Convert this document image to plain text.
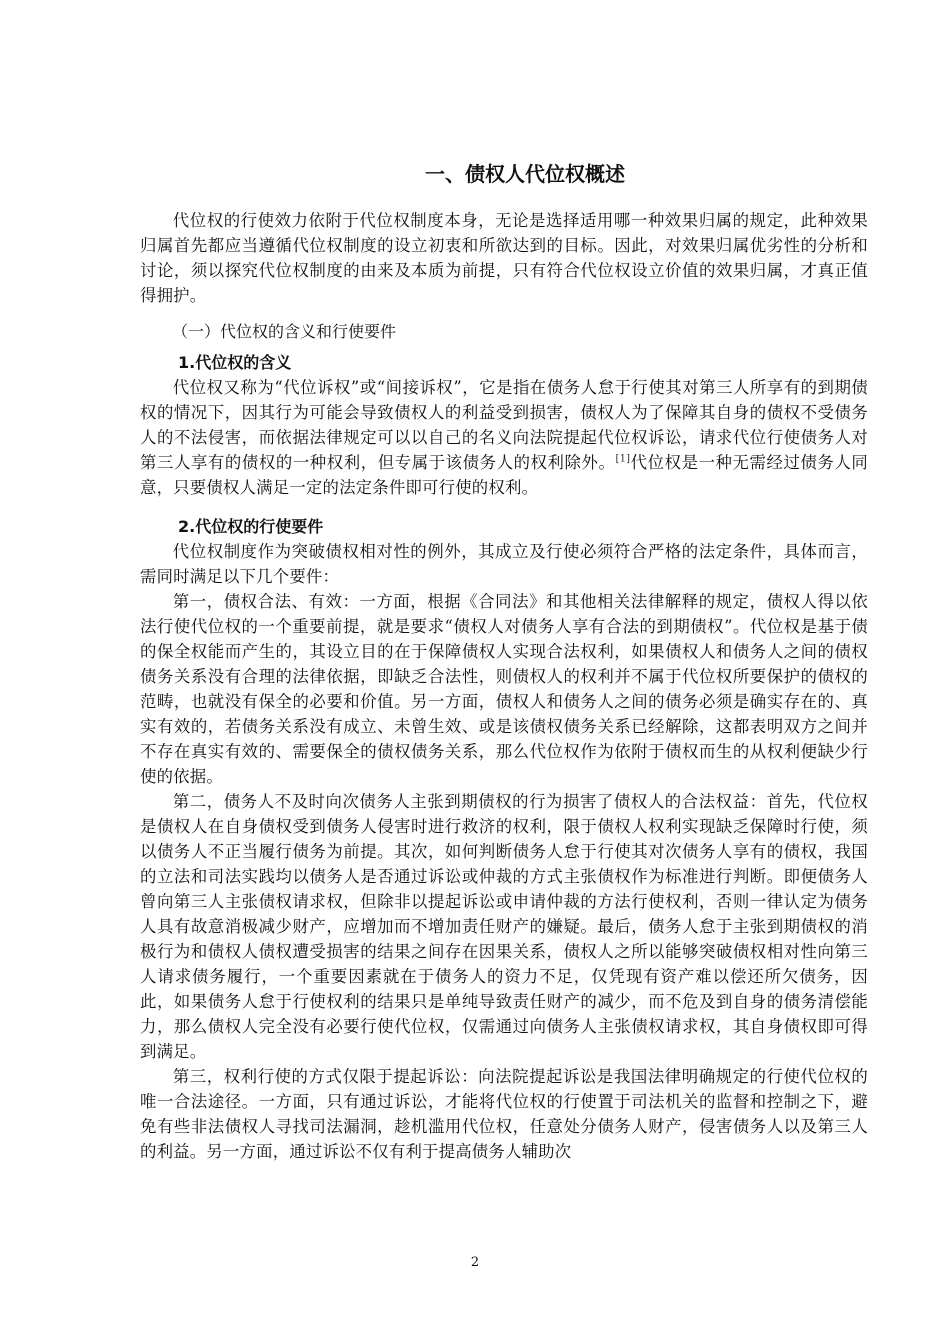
一、债权人代位权概述

代位权的行使效力依附于代位权制度本身，无论是选择适用哪一种效果归属的规定，此种效果归属首先都应当遵循代位权制度的设立初衷和所欲达到的目标。因此，对效果归属优劣性的分析和讨论，须以探究代位权制度的由来及本质为前提，只有符合代位权设立价值的效果归属，才真正值得拥护。

（一）代位权的含义和行使要件
1.代位权的含义

代位权又称为“代位诉权”或“间接诉权”，它是指在债务人怠于行使其对第三人所享有的到期债权的情况下，因其行为可能会导致债权人的利益受到损害，债权人为了保障其自身的债权不受债务人的不法侵害，而依据法律规定可以以自己的名义向法院提起代位权诉讼，请求代位行使债务人对第三人享有的债权的一种权利，但专属于该债务人的权利除外。[1]代位权是一种无需经过债务人同意，只要债权人满足一定的法定条件即可行使的权利。

2.代位权的行使要件

代位权制度作为突破债权相对性的例外，其成立及行使必须符合严格的法定条件，具体而言，需同时满足以下几个要件：

第一，债权合法、有效：一方面，根据《合同法》和其他相关法律解释的规定，债权人得以依法行使代位权的一个重要前提，就是要求“债权人对债务人享有合法的到期债权”。代位权是基于债的保全权能而产生的，其设立目的在于保障债权人实现合法权利，如果债权人和债务人之间的债权债务关系没有合理的法律依据，即缺乏合法性，则债权人的权利并不属于代位权所要保护的债权的范畴，也就没有保全的必要和价值。另一方面，债权人和债务人之间的债务必须是确实存在的、真实有效的，若债务关系没有成立、未曾生效、或是该债权债务关系已经解除，这都表明双方之间并不存在真实有效的、需要保全的债权债务关系，那么代位权作为依附于债权而生的从权利便缺少行使的依据。

第二，债务人不及时向次债务人主张到期债权的行为损害了债权人的合法权益：首先，代位权是债权人在自身债权受到债务人侵害时进行救济的权利，限于债权人权利实现缺乏保障时行使，须以债务人不正当履行债务为前提。其次，如何判断债务人怠于行使其对次债务人享有的债权，我国的立法和司法实践均以债务人是否通过诉讼或仲裁的方式主张债权作为标准进行判断。即便债务人曾向第三人主张债权请求权，但除非以提起诉讼或申请仲裁的方法行使权利，否则一律认定为债务人具有故意消极减少财产，应增加而不增加责任财产的嫌疑。最后，债务人怠于主张到期债权的消极行为和债权人债权遭受损害的结果之间存在因果关系，债权人之所以能够突破债权相对性向第三人请求债务履行，一个重要因素就在于债务人的资力不足，仅凭现有资产难以偿还所欠债务，因此，如果债务人怠于行使权利的结果只是单纯导致责任财产的减少，而不危及到自身的债务清偿能力，那么债权人完全没有必要行使代位权，仅需通过向债务人主张债权请求权，其自身债权即可得到满足。

第三，权利行使的方式仅限于提起诉讼：向法院提起诉讼是我国法律明确规定的行使代位权的唯一合法途径。一方面，只有通过诉讼，才能将代位权的行使置于司法机关的监督和控制之下，避免有些非法债权人寻找司法漏洞，趁机滥用代位权，任意处分债务人财产，侵害债务人以及第三人的利益。另一方面，通过诉讼不仅有利于提高债务人辅助次

2
